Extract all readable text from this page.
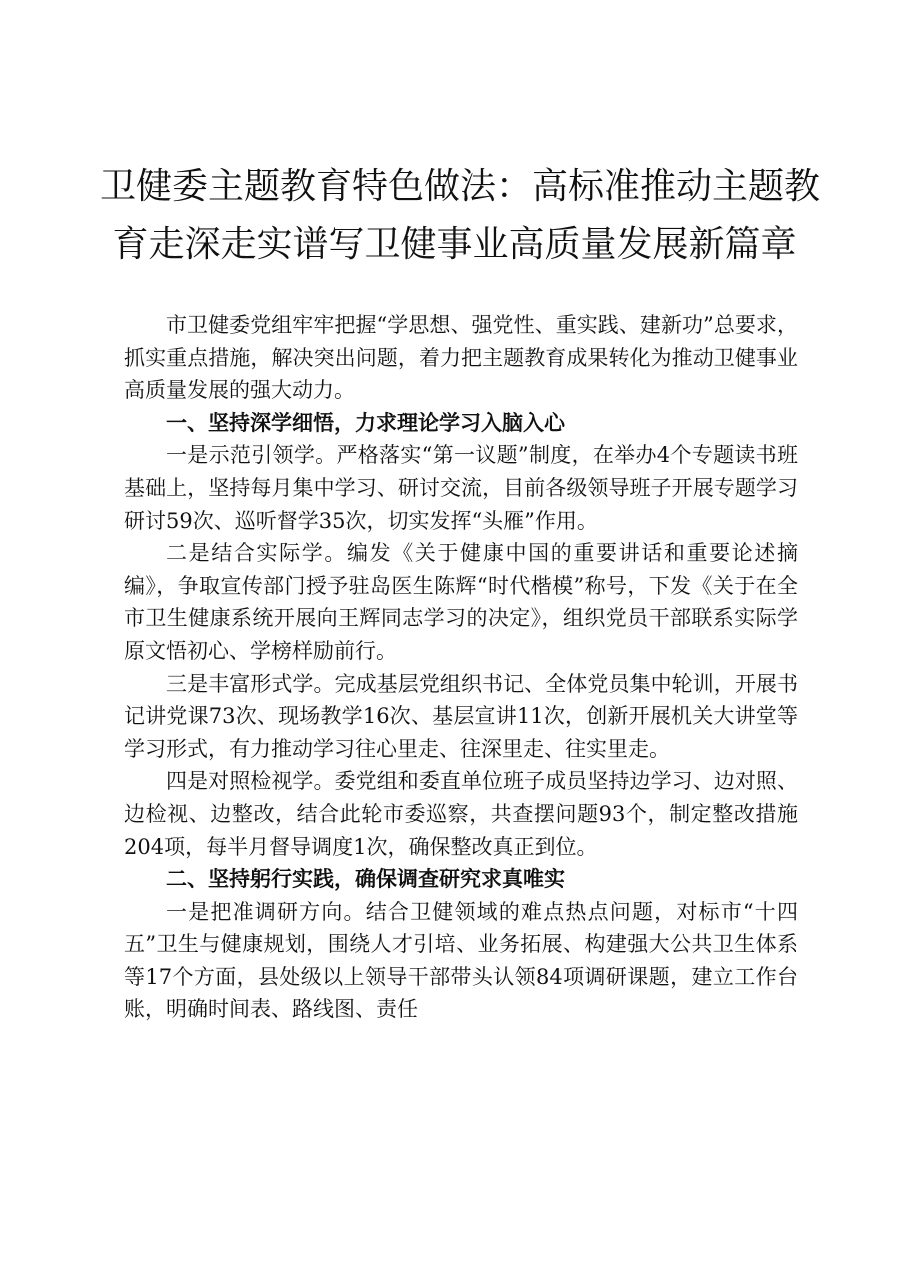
卫健委主题教育特色做法：高标准推动主题教
育走深走实谱写卫健事业高质量发展新篇章

市卫健委党组牢牢把握“学思想、强党性、重实践、建新功”总要求，抓实重点措施，解决突出问题，着力把主题教育成果转化为推动卫健事业高质量发展的强大动力。

一、坚持深学细悟，力求理论学习入脑入心

一是示范引领学。严格落实“第一议题”制度，在举办4个专题读书班基础上，坚持每月集中学习、研讨交流，目前各级领导班子开展专题学习研讨59次、巡听督学35次，切实发挥“头雁”作用。

二是结合实际学。编发《关于健康中国的重要讲话和重要论述摘编》，争取宣传部门授予驻岛医生陈辉“时代楷模”称号，下发《关于在全市卫生健康系统开展向王辉同志学习的决定》，组织党员干部联系实际学原文悟初心、学榜样励前行。

三是丰富形式学。完成基层党组织书记、全体党员集中轮训，开展书记讲党课73次、现场教学16次、基层宣讲11次，创新开展机关大讲堂等学习形式，有力推动学习往心里走、往深里走、往实里走。

四是对照检视学。委党组和委直单位班子成员坚持边学习、边对照、边检视、边整改，结合此轮市委巡察，共查摆问题93个，制定整改措施204项，每半月督导调度1次，确保整改真正到位。

二、坚持躬行实践，确保调查研究求真唯实

一是把准调研方向。结合卫健领域的难点热点问题，对标市“十四五”卫生与健康规划，围绕人才引培、业务拓展、构建强大公共卫生体系等17个方面，县处级以上领导干部带头认领84项调研课题，建立工作台账，明确时间表、路线图、责任
